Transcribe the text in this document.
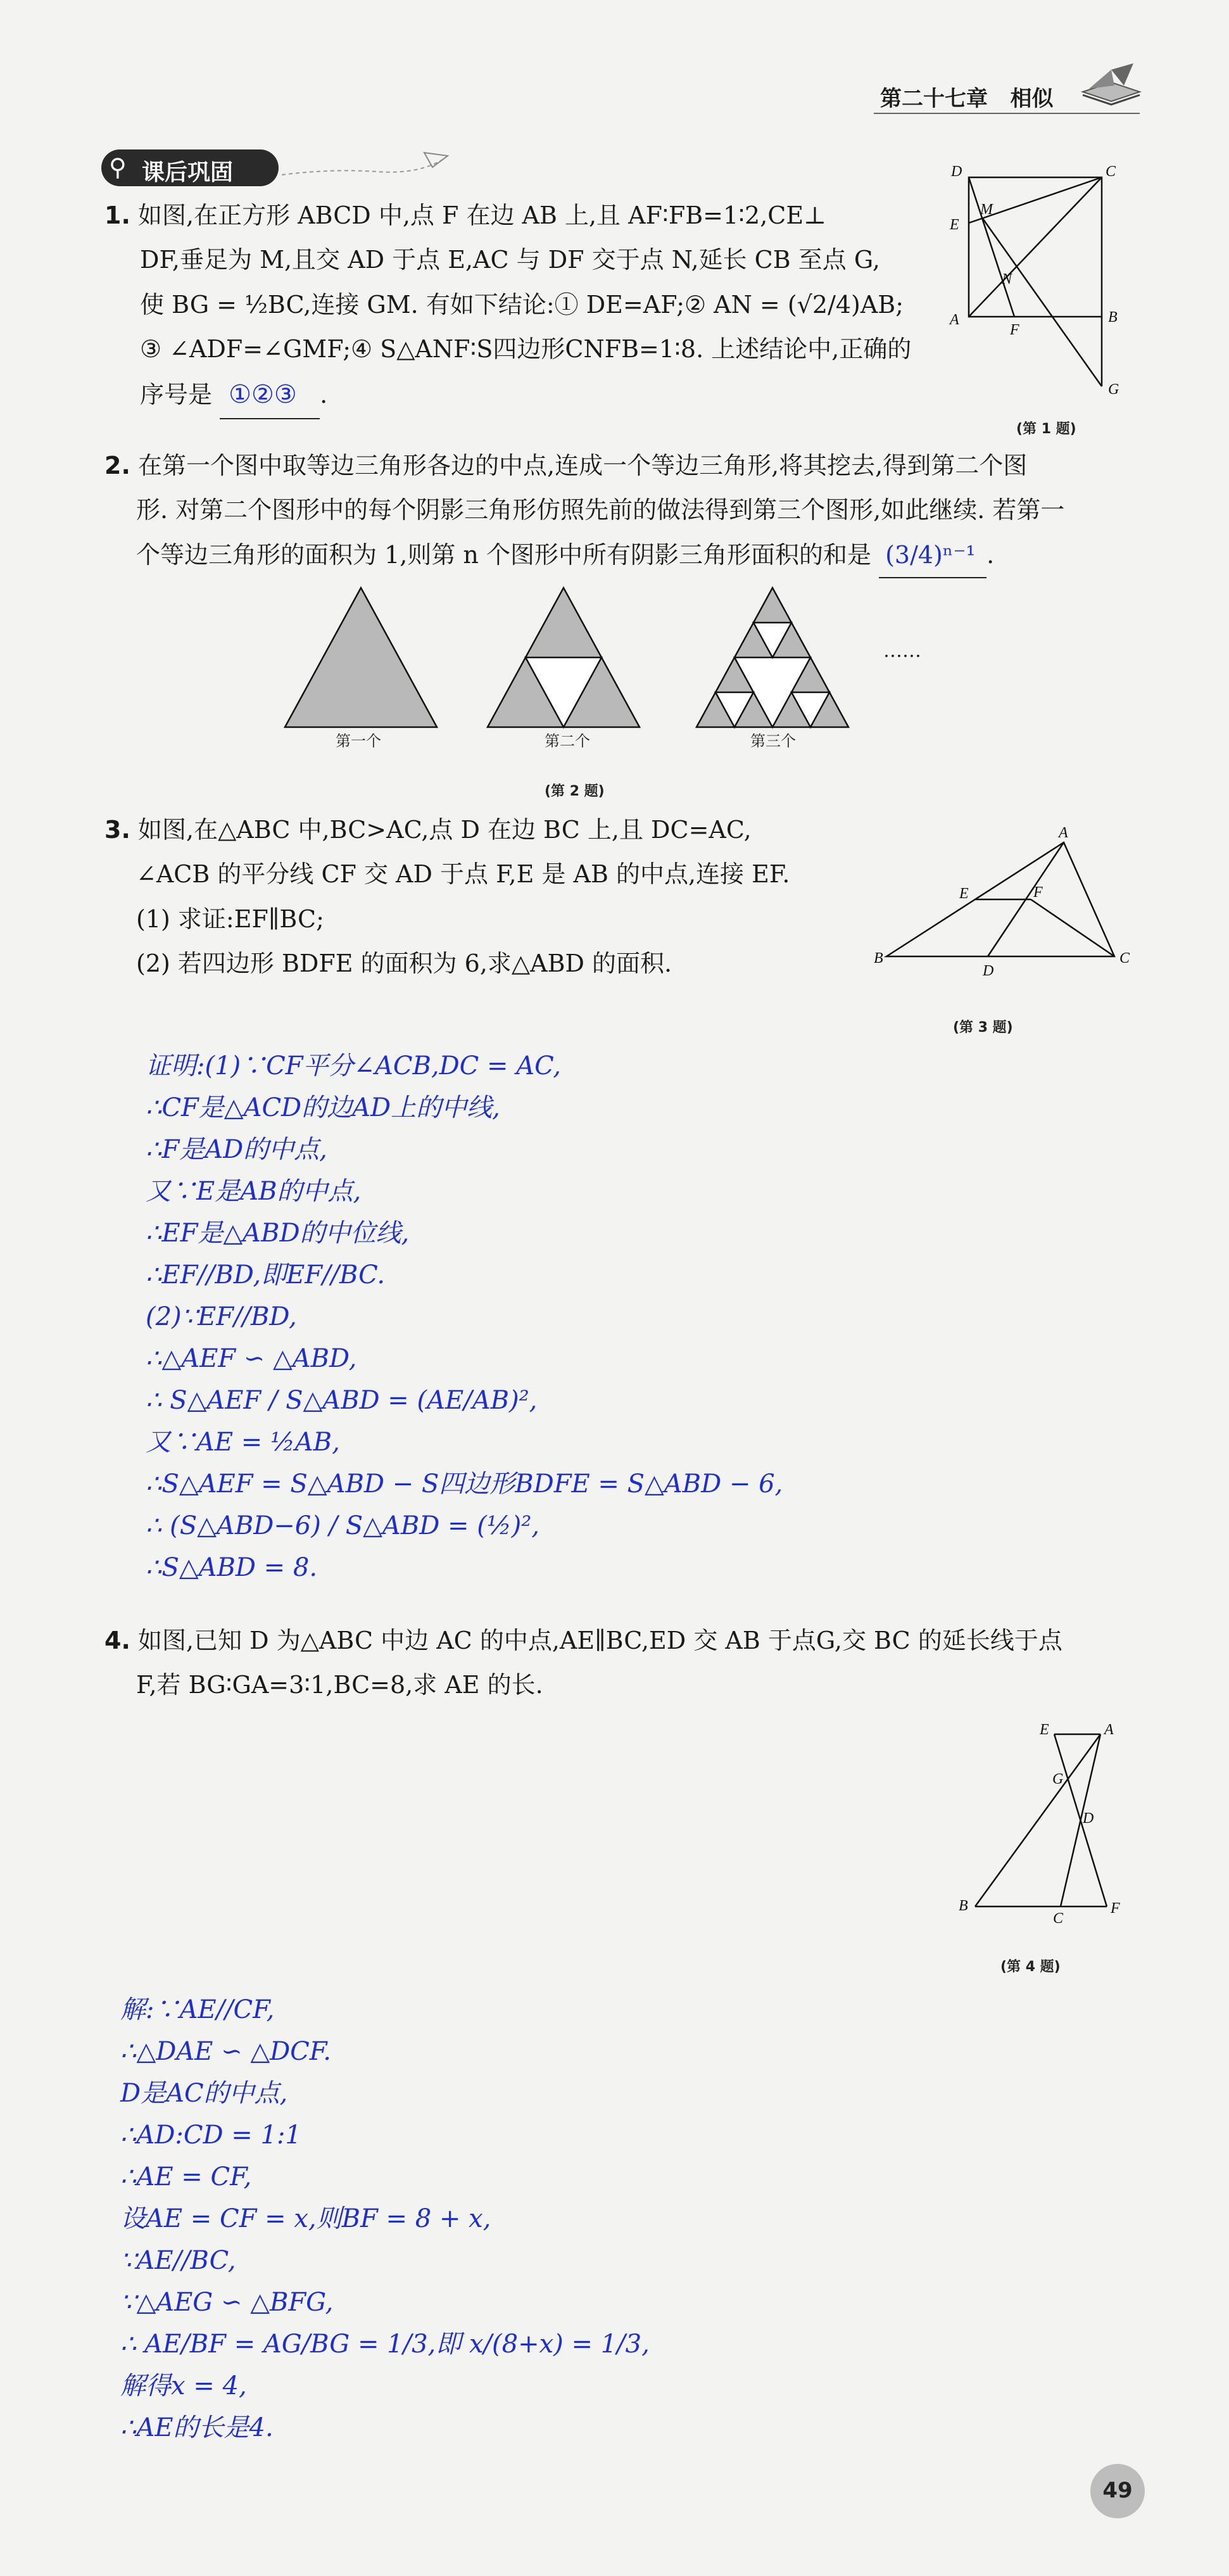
第二十七章 相似
⚲ 课后巩固
1. 如图,在正方形 ABCD 中,点 F 在边 AB 上,且 AF∶FB=1∶2,CE⊥
DF,垂足为 M,且交 AD 于点 E,AC 与 DF 交于点 N,延长 CB 至点 G,
使 BG = ½BC,连接 GM. 有如下结论:① DE=AF;② AN = (√2/4)AB;
③ ∠ADF=∠GMF;④ S△ANF∶S四边形CNFB=1∶8. 上述结论中,正确的
序号是 ①②③ .
D	C
M
E
N
A
F
B
G
(第 1 题)
2. 在第一个图中取等边三角形各边的中点,连成一个等边三角形,将其挖去,得到第二个图
形. 对第二个图形中的每个阴影三角形仿照先前的做法得到第三个图形,如此继续. 若第一
个等边三角形的面积为 1,则第 n 个图形中所有阴影三角形面积的和是 (3/4)ⁿ⁻¹ .
……
第一个	第二个	第三个
(第 2 题)
3. 如图,在△ABC 中,BC>AC,点 D 在边 BC 上,且 DC=AC,
∠ACB 的平分线 CF 交 AD 于点 F,E 是 AB 的中点,连接 EF.
(1) 求证:EF∥BC;
(2) 若四边形 BDFE 的面积为 6,求△ABD 的面积.
A
E	F
B
D
C
(第 3 题)
证明:(1)∵CF平分∠ACB,DC = AC,
∴CF是△ACD的边AD上的中线,
∴F是AD的中点,
又∵E是AB的中点,
∴EF是△ABD的中位线,
∴EF//BD,即EF//BC.
(2)∵EF//BD,
∴△AEF ∽ △ABD,
∴ S△AEF / S△ABD = (AE/AB)²,
又∵AE = ½AB,
∴S△AEF = S△ABD − S四边形BDFE = S△ABD − 6,
∴ (S△ABD−6) / S△ABD = (½)²,
∴S△ABD = 8.
4. 如图,已知 D 为△ABC 中边 AC 的中点,AE∥BC,ED 交 AB 于点G,交 BC 的延长线于点
F,若 BG∶GA=3∶1,BC=8,求 AE 的长.
E	A
G
D
B
C
F
(第 4 题)
解:∵AE//CF,
∴△DAE ∽ △DCF.
D是AC的中点,
∴AD:CD = 1:1
∴AE = CF,
设AE = CF = x,则BF = 8 + x,
∵AE//BC,
∵△AEG ∽ △BFG,
∴ AE/BF = AG/BG = 1/3,即 x/(8+x) = 1/3,
解得x = 4,
∴AE的长是4.
49
